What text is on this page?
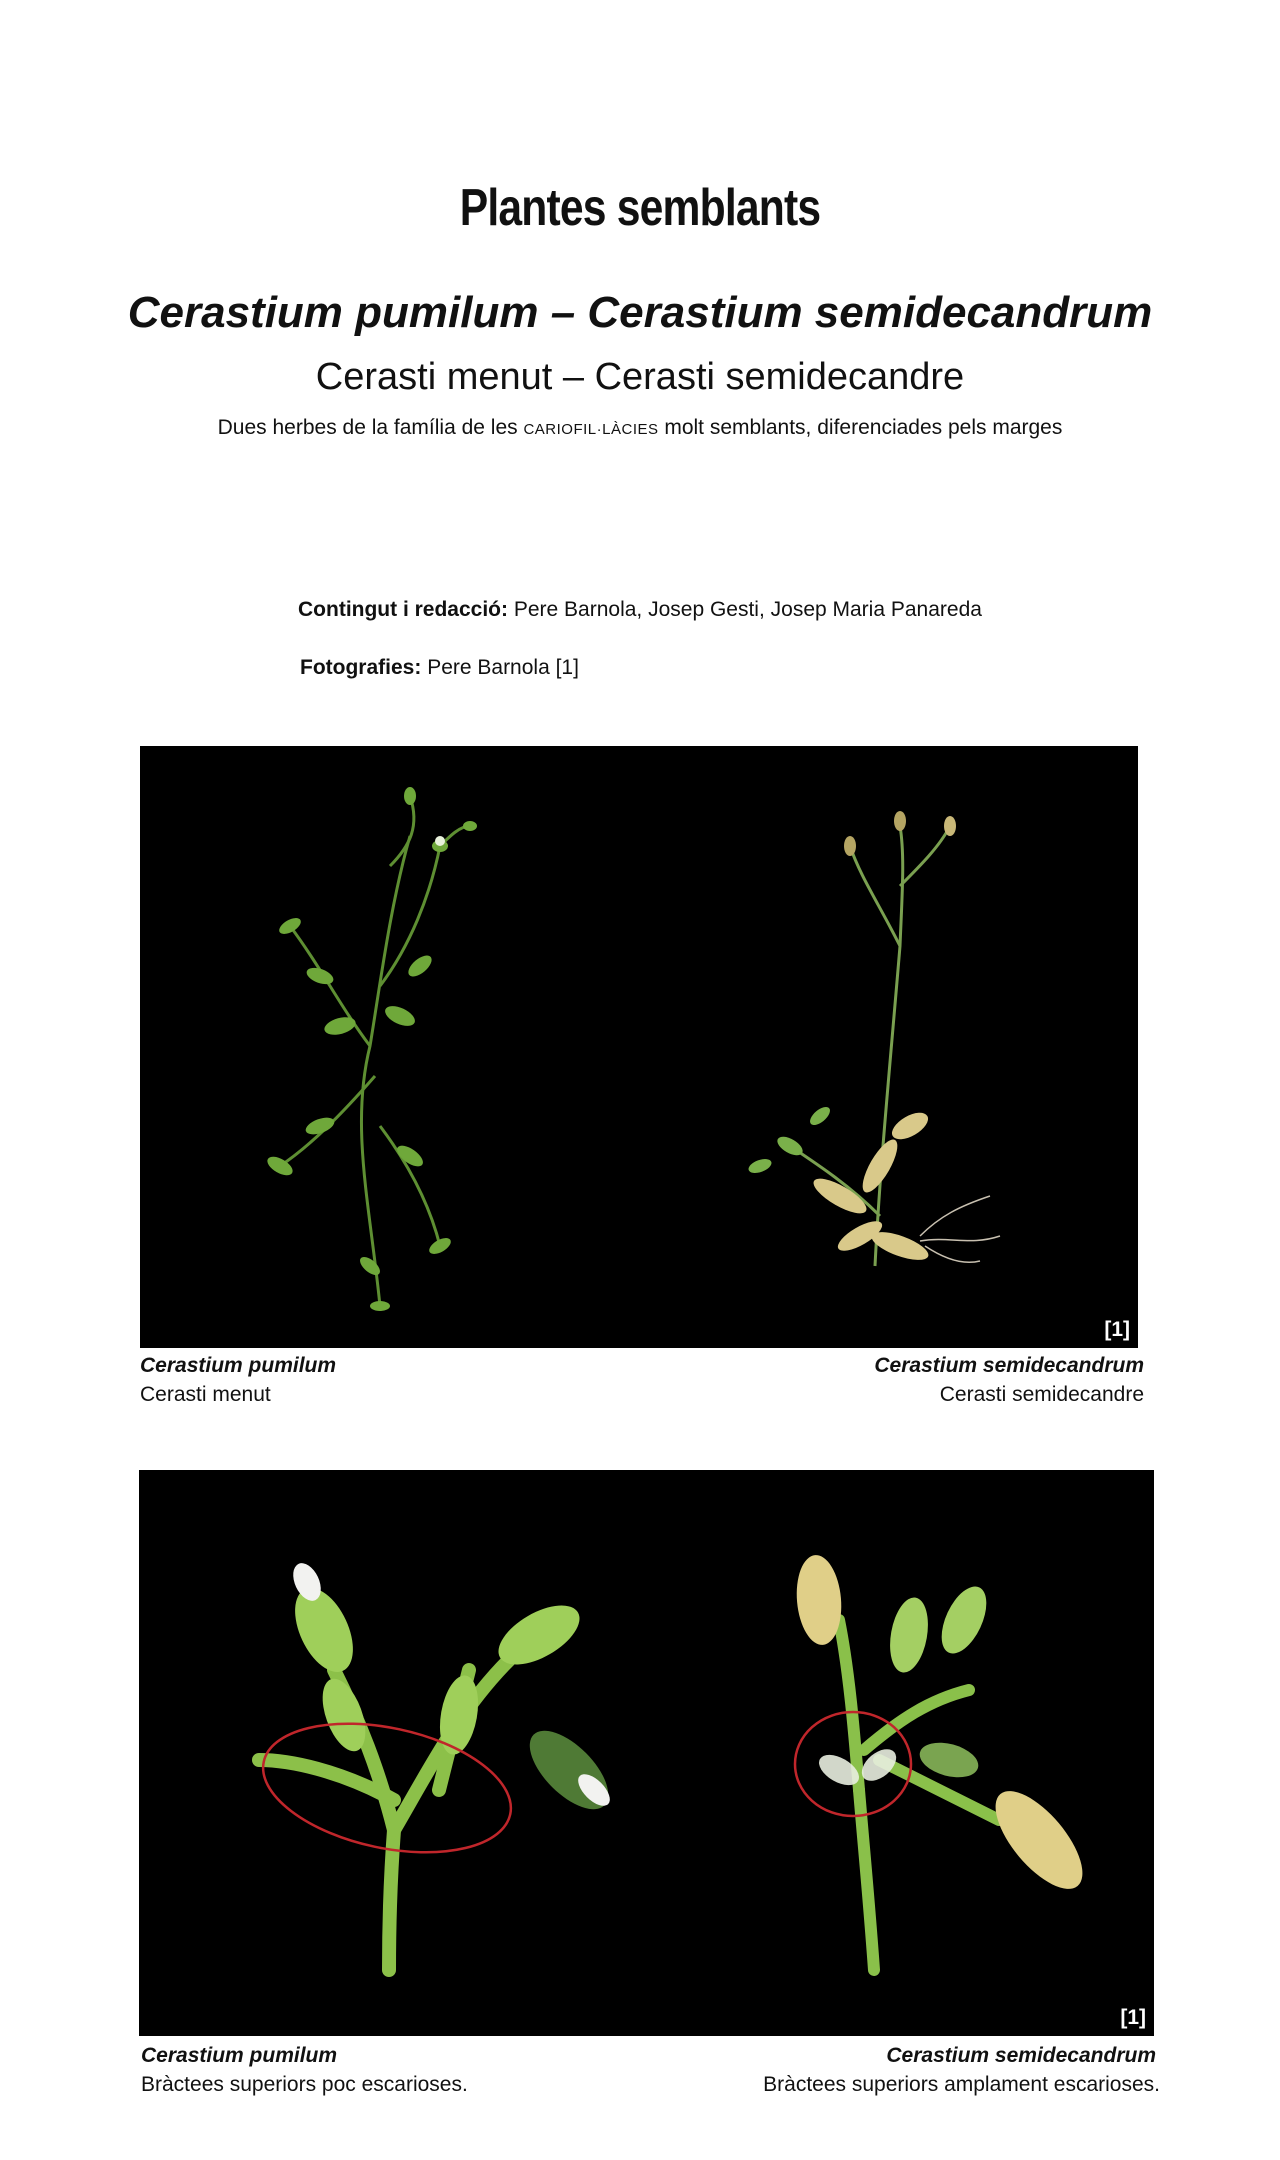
Plantes semblants
Cerastium pumilum – Cerastium semidecandrum
Cerasti menut – Cerasti semidecandre
Dues herbes de la família de les CARIOFIL·LÀCIES molt semblants, diferenciades pels marges
Contingut i redacció: Pere Barnola, Josep Gesti, Josep Maria Panareda
Fotografies: Pere Barnola [1]
[1]
Cerastium pumilum
Cerasti menut
Cerastium semidecandrum
Cerasti semidecandre
[1]
Cerastium pumilum
Bràctees superiors poc escarioses.
Cerastium semidecandrum
Bràctees superiors amplament escarioses.
